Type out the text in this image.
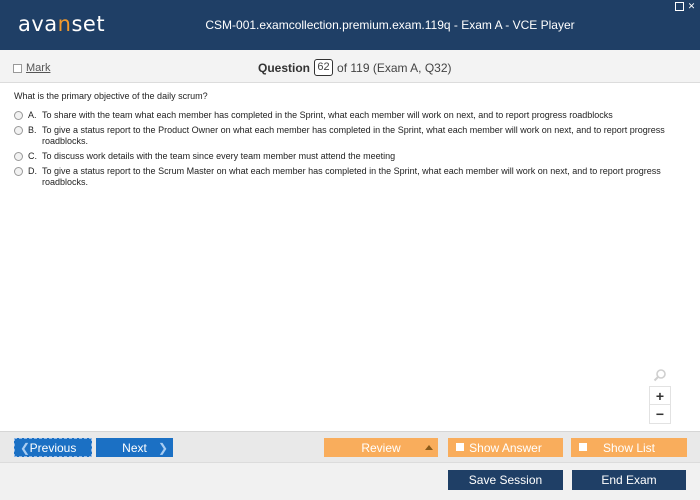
avanset	CSM-001.examcollection.premium.exam.119q - Exam A - VCE Player
✕
Mark	Question 62 of 119 (Exam A, Q32)
What is the primary objective of the daily scrum?
A. To share with the team what each member has completed in the Sprint, what each member will work on next, and to report progress roadblocks
B. To give a status report to the Product Owner on what each member has completed in the Sprint, what each member will work on next, and to report progress roadblocks.
C. To discuss work details with the team since every team member must attend the meeting
D. To give a status report to the Scrum Master on what each member has completed in the Sprint, what each member will work on next, and to report progress roadblocks.
+
−
❮ Previous	Next ❯	Review	Show Answer	Show List
Save Session	End Exam
